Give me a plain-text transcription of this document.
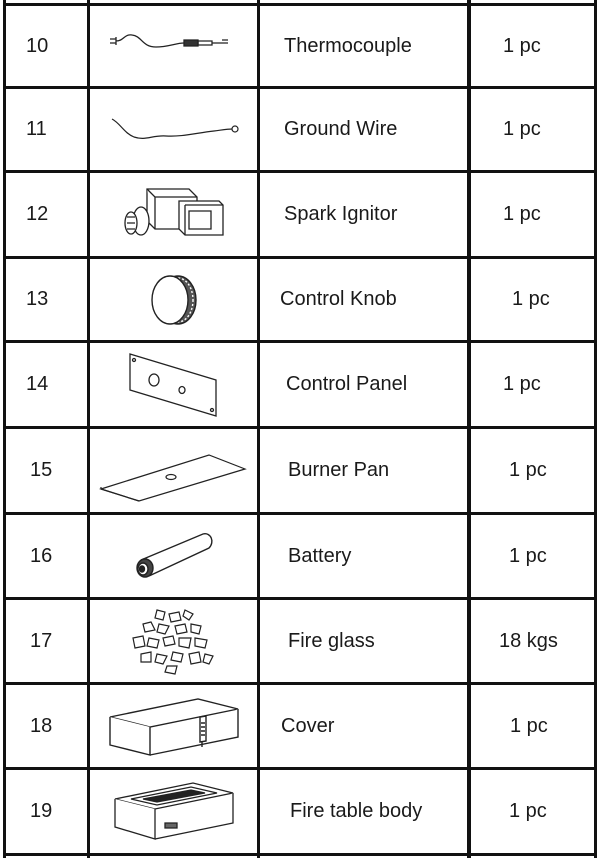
10	Thermocouple	1 pc
11	Ground Wire	1 pc
12	Spark Ignitor	1 pc
13	Control Knob	1 pc
14	Control Panel	1 pc
15	Burner Pan	1 pc
16	Battery	1 pc
17	Fire glass	18 kgs
18	Cover	1 pc
19	Fire table body	1 pc
